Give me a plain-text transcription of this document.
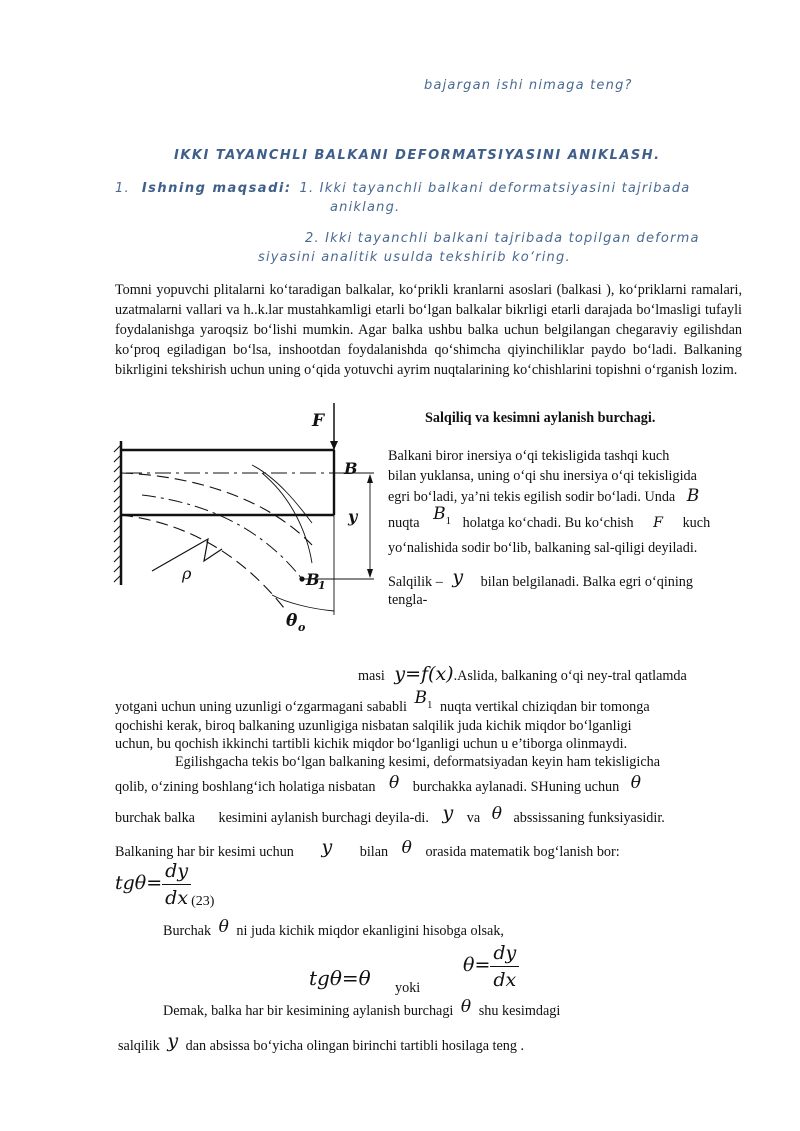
bajargan ishi nimaga teng?
IKKI TAYANCHLI BALKANI DEFORMATSIYASINI ANIKLASH.
1. Ishning maqsadi: 1. Ikki tayanchli balkani deformatsiyasini tajribada
aniklang.
2. Ikki tayanchli balkani tajribada topilgan deforma
siyasini analitik usulda tekshirib ko‘ring.
Tomni yopuvchi plitalarni ko‘taradigan balkalar, ko‘prikli kranlarni asoslari (balkasi ), ko‘priklarni ramalari, uzatmalarni vallari va h..k.lar mustahkamligi etarli bo‘lgan balkalar bikrligi etarli darajada bo‘lmasligi tufayli foydalanishga yaroqsiz bo‘lishi mumkin. Agar balka ushbu balka uchun belgilangan chegaraviy egilishdan ko‘proq egiladigan bo‘lsa, inshootdan foydalanishda qo‘shimcha qiyinchiliklar paydo bo‘ladi. Balkaning bikrligini tekshirish uchun uning o‘qida yotuvchi ayrim nuqtalarining ko‘chishlarini topishni o‘rganish lozim.
F
B
y
ρ	B
1
θ o
Salqiliq va kesimni aylanish burchagi.
Balkani biror inersiya o‘qi tekisligida tashqi kuch
bilan yuklansa, uning o‘qi shu inersiya o‘qi tekisligida
egri bo‘ladi, ya’ni tekis egilish sodir bo‘ladi. Unda B
nuqta $B^1$ holatga ko‘chadi. Bu ko‘chish F kuch
yo‘nalishida sodir bo‘lib, balkaning sal-qiligi deyiladi.
Salqilik – y bilan belgilanadi. Balka egri o‘qining
tengla-
masi y=f(x).Aslida, balkaning o‘qi ney-tral qatlamda
yotgani uchun uning uzunligi o‘zgarmagani sababli $B^1$ nuqta vertikal chiziqdan bir tomonga
qochishi kerak, biroq balkaning uzunligiga nisbatan salqilik juda kichik miqdor bo‘lganligi
uchun, bu qochish ikkinchi tartibli kichik miqdor bo‘lganligi uchun u e’tiborga olinmaydi.
Egilishgacha tekis bo‘lgan balkaning kesimi, deformatsiyadan keyin ham tekisligicha
qolib, o‘zining boshlang‘ich holatiga nisbatan θ burchakka aylanadi. SHuning uchun θ
burchak balka kesimini aylanish burchagi deyila-di. y va θ abssissaning funksiyasidir.
Balkaning har bir kesimi uchun y bilan θ orasida matematik bog‘lanish bor:
$tg\theta= \frac{dy}{dx} _{(23)}$
Burchak θ ni juda kichik miqdor ekanligini hisobga olsak,
tgθ=θ yoki
$\theta= \frac{dy}{dx}$
Demak, balka har bir kesimining aylanish burchagi θ shu kesimdagi
salqilik y dan absissa bo‘yicha olingan birinchi tartibli hosilaga teng .
